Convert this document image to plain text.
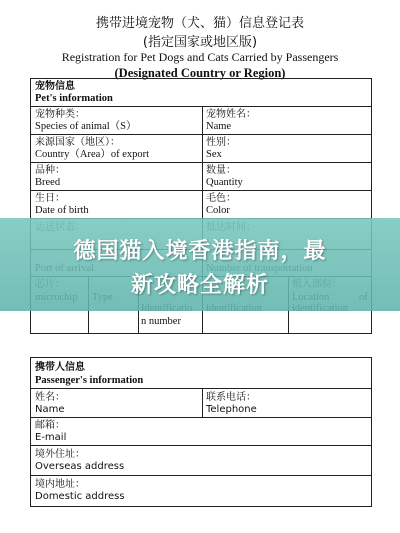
携带进境宠物（犬、猫）信息登记表
(指定国家或地区版)
Registration for Pet Dogs and Cats Carried by Passengers
(Designated Country or Region)
宠物信息
Pet's information
宠物种类：
Species of animal（S）
宠物姓名：
Name
来源国家（地区）：
Country（Area）of export
性别：
Sex
品种：
Breed
数量：
Quantity
生日：
Date of birth
毛色：
Color
n number
携带人信息
Passenger's information
姓名：
Name
联系电话：
Telephone
邮箱：
E-mail
境外住址：
Overseas address
境内地址：
Domestic address
德国猫入境香港指南，最
新攻略全解析
